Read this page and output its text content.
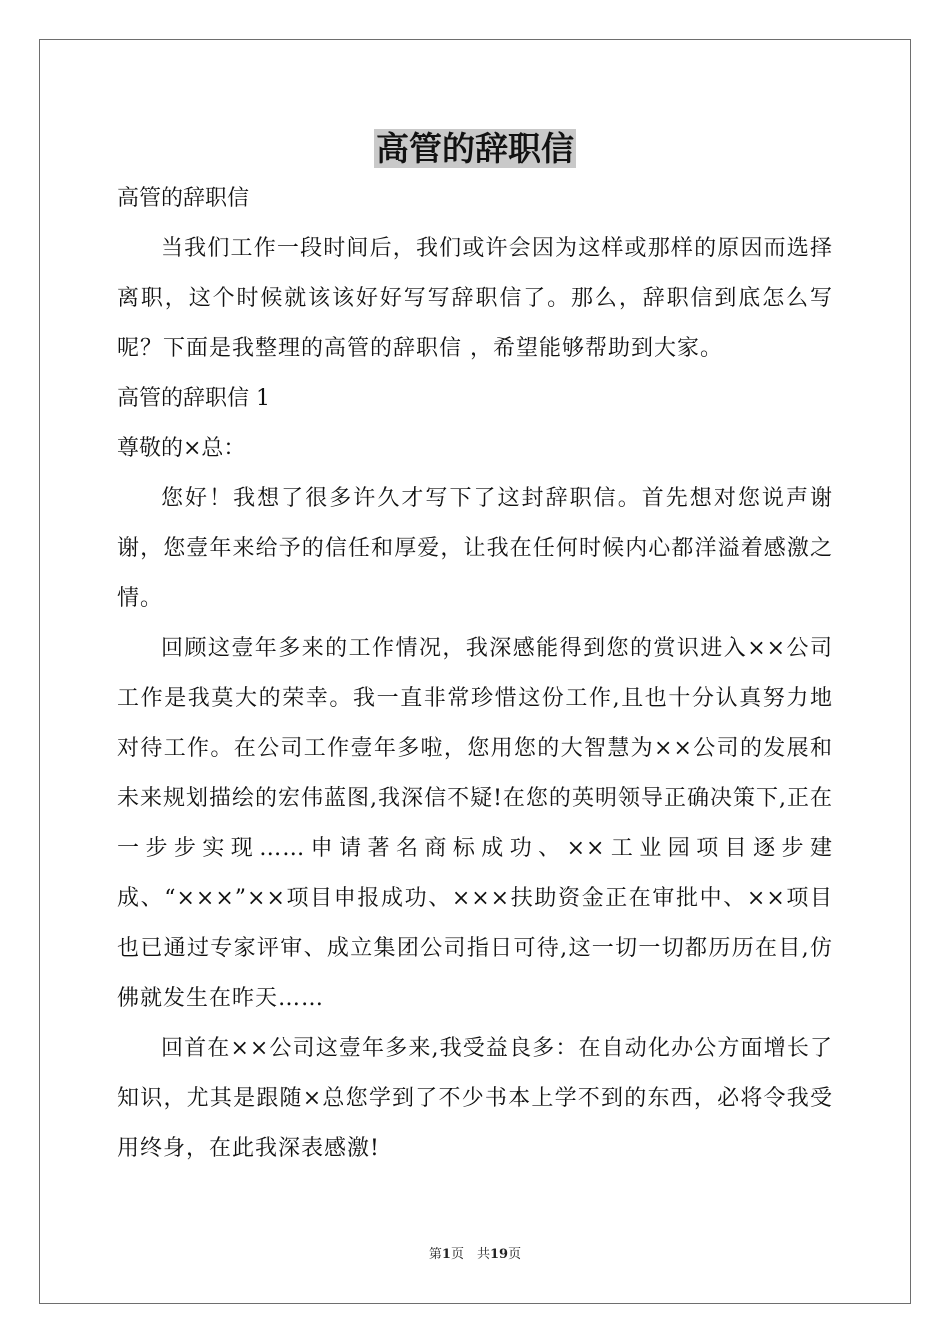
高管的辞职信

高管的辞职信

当我们工作一段时间后，我们或许会因为这样或那样的原因而选择离职，这个时候就该该好好写写辞职信了。那么，辞职信到底怎么写呢？下面是我整理的高管的辞职信 ，希望能够帮助到大家。

高管的辞职信 1

尊敬的×总：

您好！我想了很多许久才写下了这封辞职信。首先想对您说声谢谢，您壹年来给予的信任和厚爱，让我在任何时候内心都洋溢着感激之情。

回顾这壹年多来的工作情况，我深感能得到您的赏识进入××公司工作是我莫大的荣幸。我一直非常珍惜这份工作,且也十分认真努力地对待工作。在公司工作壹年多啦，您用您的大智慧为××公司的发展和未来规划描绘的宏伟蓝图,我深信不疑!在您的英明领导正确决策下,正在一步步实现……申请著名商标成功、××工业园项目逐步建成、“×××”××项目申报成功、×××扶助资金正在审批中、××项目也已通过专家评审、成立集团公司指日可待,这一切一切都历历在目,仿佛就发生在昨天……

回首在××公司这壹年多来,我受益良多：在自动化办公方面增长了知识，尤其是跟随×总您学到了不少书本上学不到的东西，必将令我受用终身，在此我深表感激!

第1页　共19页
